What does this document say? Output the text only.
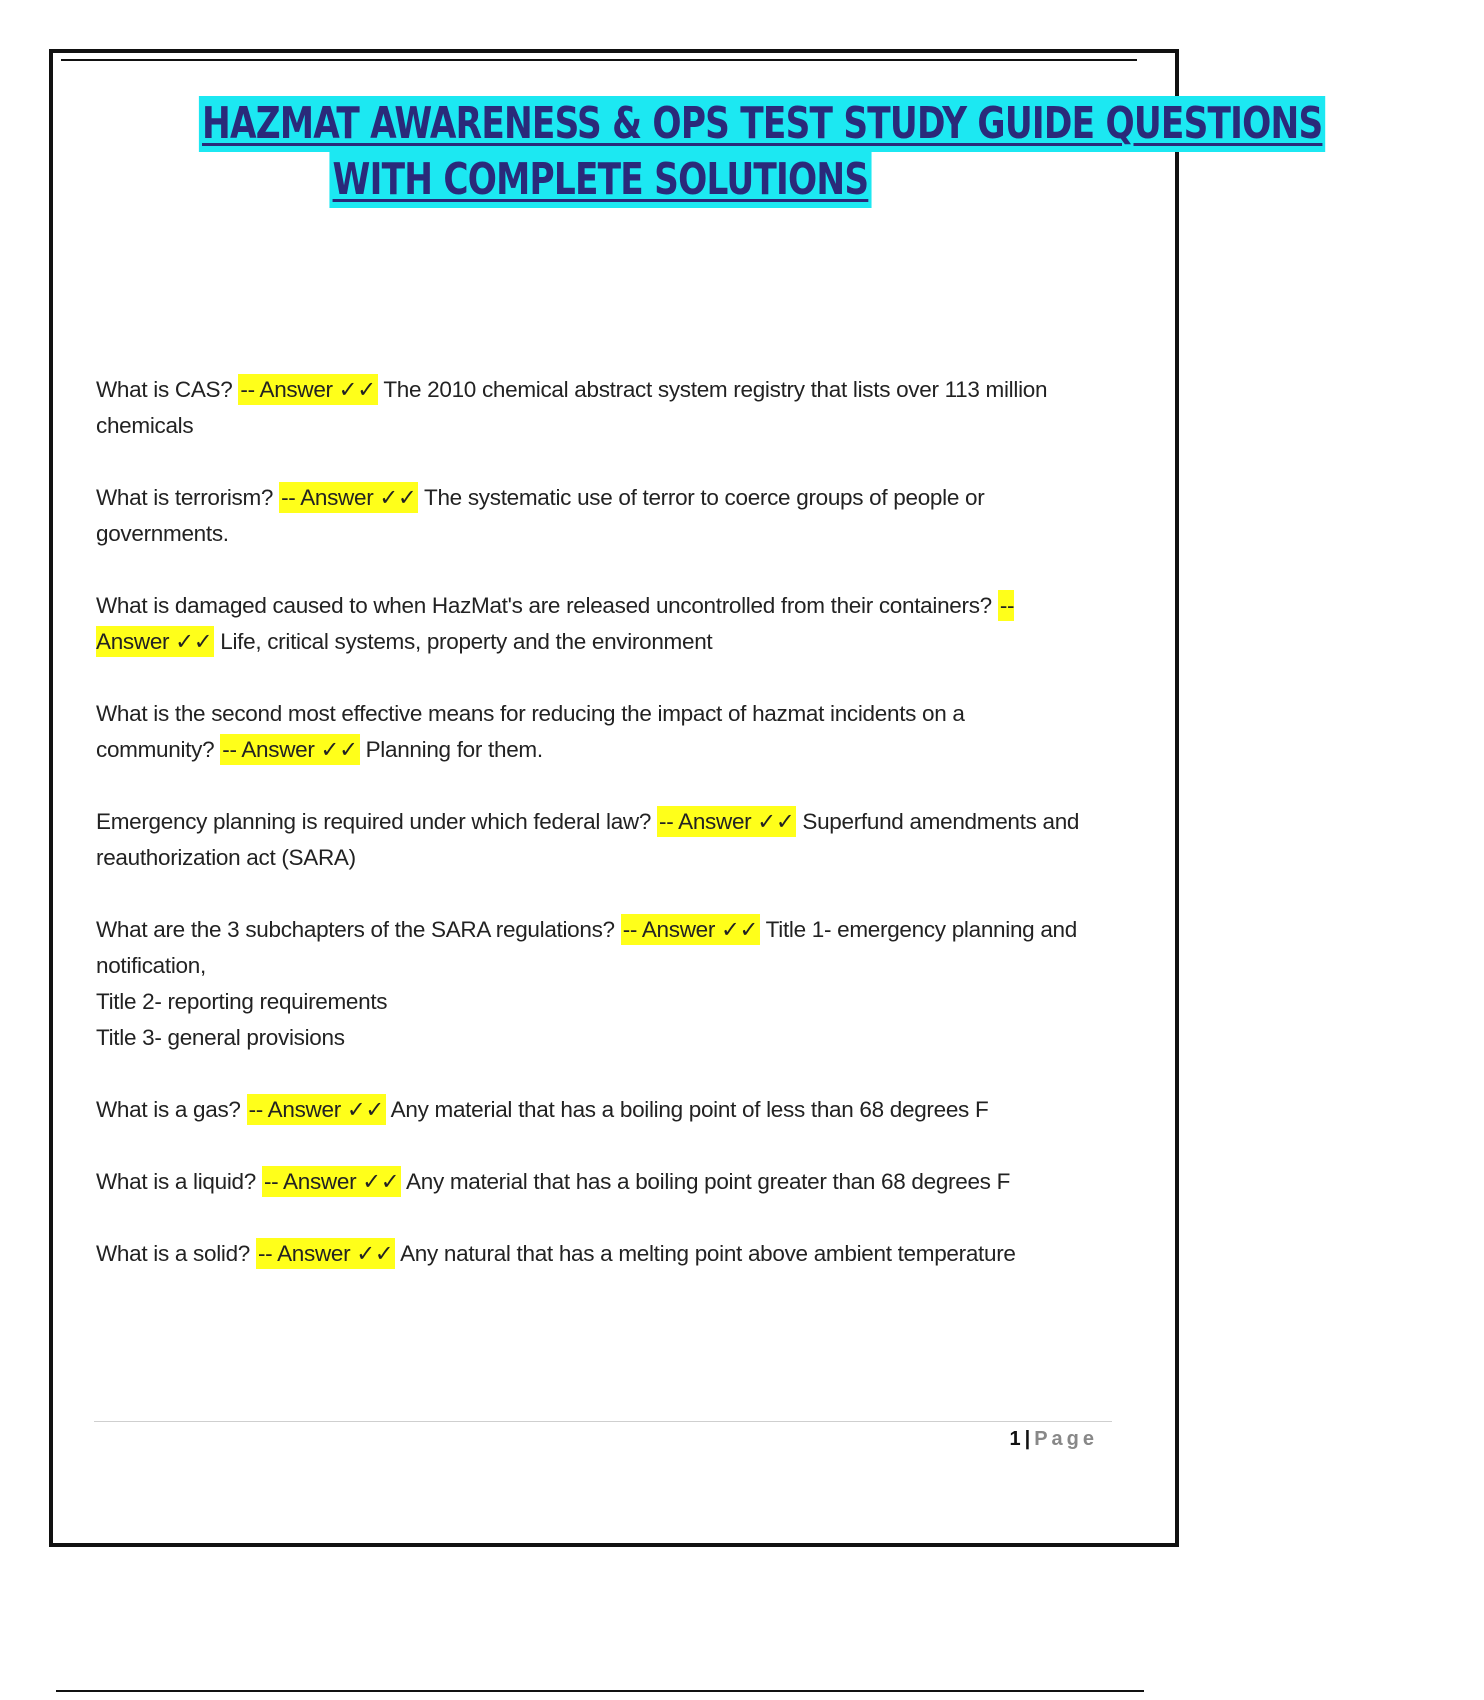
HAZMAT AWARENESS & OPS TEST STUDY GUIDE QUESTIONS
WITH COMPLETE SOLUTIONS
What is CAS? -- Answer ✓✓ The 2010 chemical abstract system registry that lists over 113 million chemicals
What is terrorism? -- Answer ✓✓ The systematic use of terror to coerce groups of people or governments.
What is damaged caused to when HazMat's are released uncontrolled from their containers? -- Answer ✓✓ Life, critical systems, property and the environment
What is the second most effective means for reducing the impact of hazmat incidents on a community? -- Answer ✓✓ Planning for them.
Emergency planning is required under which federal law? -- Answer ✓✓ Superfund amendments and reauthorization act (SARA)
What are the 3 subchapters of the SARA regulations? -- Answer ✓✓ Title 1- emergency planning and notification,
Title 2- reporting requirements
Title 3- general provisions
What is a gas? -- Answer ✓✓ Any material that has a boiling point of less than 68 degrees F
What is a liquid? -- Answer ✓✓ Any material that has a boiling point greater than 68 degrees F
What is a solid? -- Answer ✓✓ Any natural that has a melting point above ambient temperature
1 | Page
